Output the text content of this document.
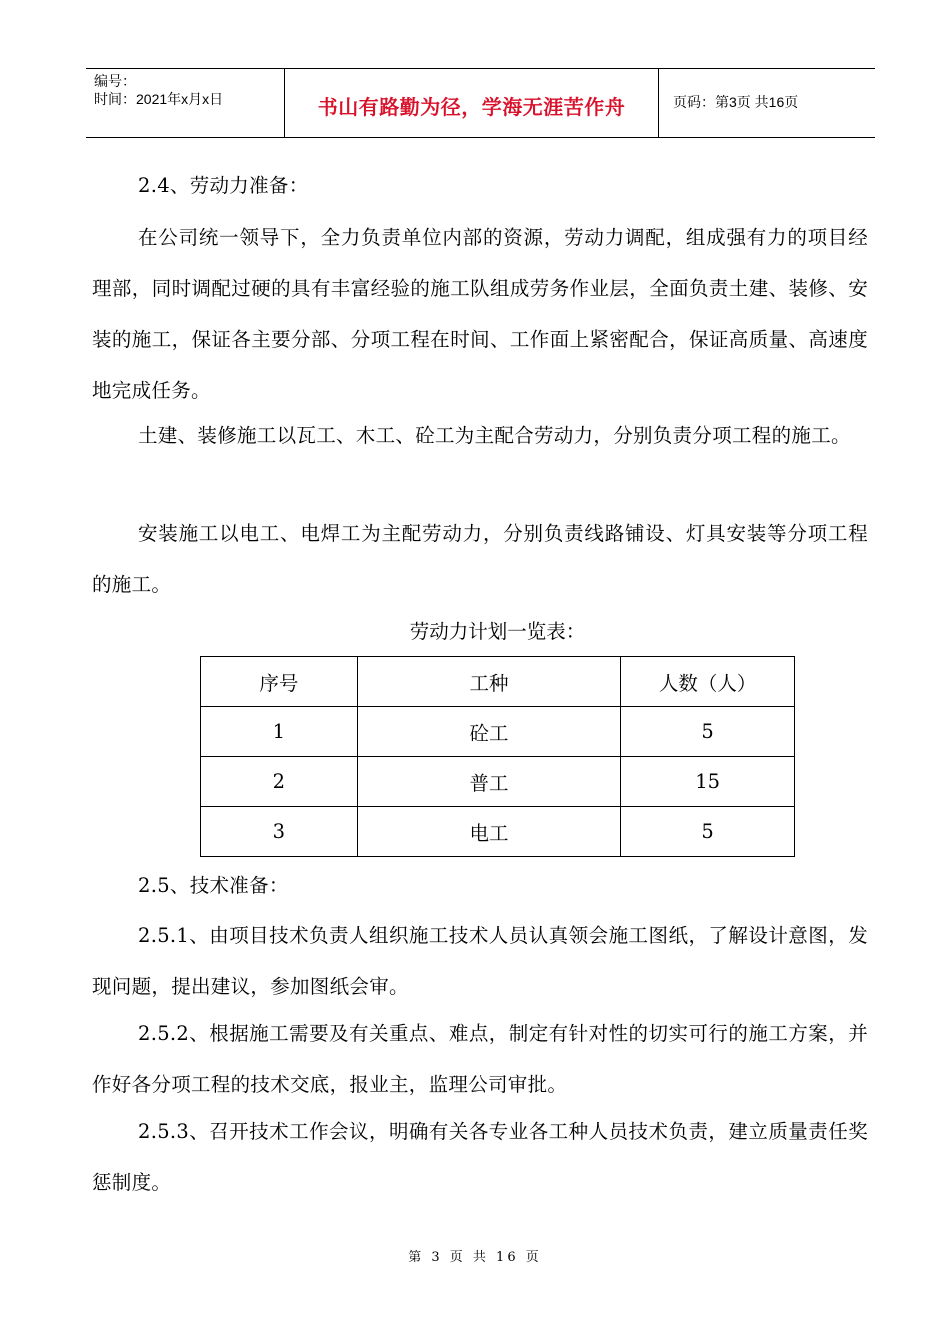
编号：
时间：2021年x月x日	书山有路勤为径，学海无涯苦作舟	页码：第3页 共16页

2.4、劳动力准备：

在公司统一领导下，全力负责单位内部的资源，劳动力调配，组成强有力的项目经理部，同时调配过硬的具有丰富经验的施工队组成劳务作业层，全面负责土建、装修、安装的施工，保证各主要分部、分项工程在时间、工作面上紧密配合，保证高质量、高速度地完成任务。

土建、装修施工以瓦工、木工、砼工为主配合劳动力，分别负责分项工程的施工。

安装施工以电工、电焊工为主配劳动力，分别负责线路铺设、灯具安装等分项工程的施工。

劳动力计划一览表：
序号	工种	人数（人）
1	砼工	5
2	普工	15
3	电工	5

2.5、技术准备：

2.5.1、由项目技术负责人组织施工技术人员认真领会施工图纸，了解设计意图，发现问题，提出建议，参加图纸会审。

2.5.2、根据施工需要及有关重点、难点，制定有针对性的切实可行的施工方案，并作好各分项工程的技术交底，报业主，监理公司审批。

2.5.3、召开技术工作会议，明确有关各专业各工种人员技术负责，建立质量责任奖惩制度。

第 3 页 共 16 页
